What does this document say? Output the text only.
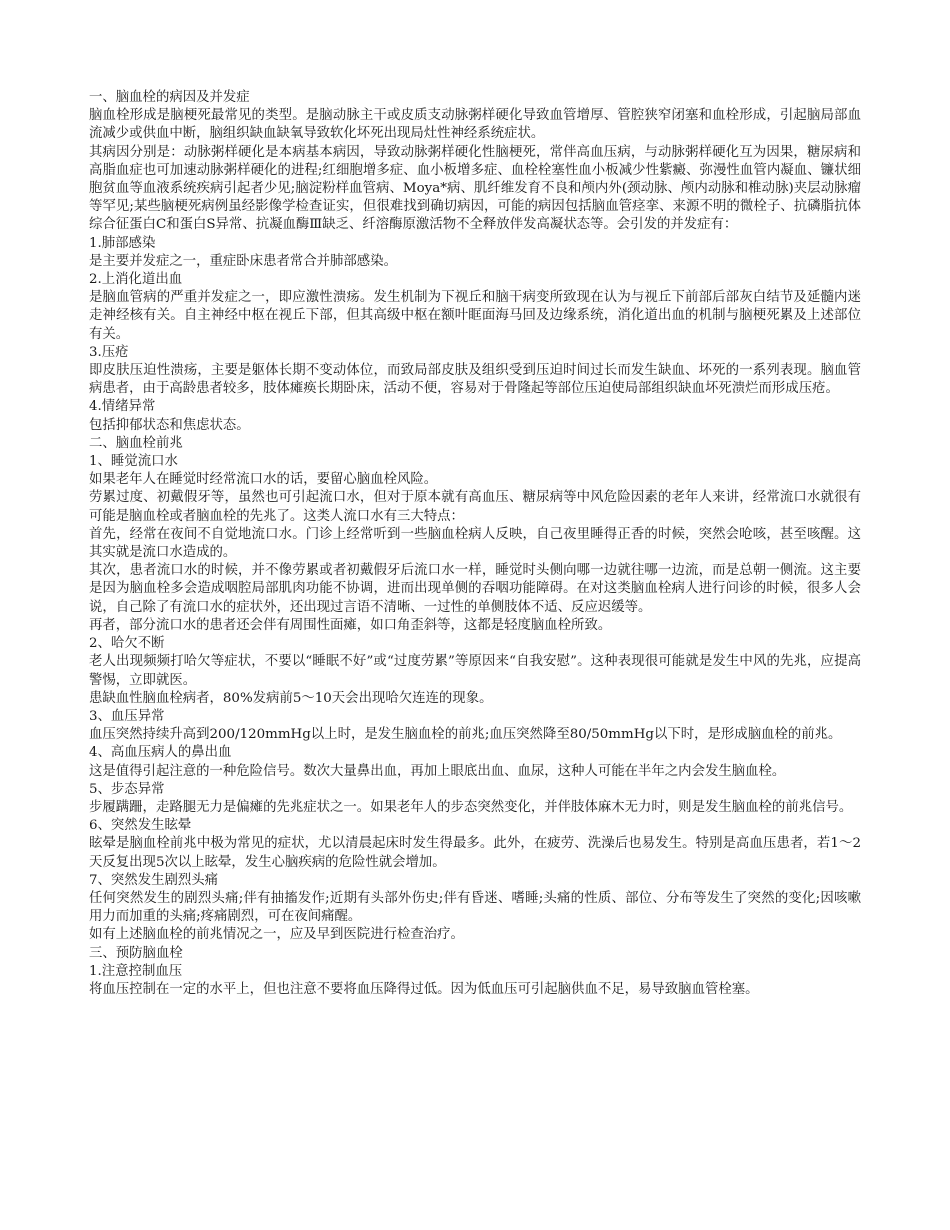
一、脑血栓的病因及并发症

脑血栓形成是脑梗死最常见的类型。是脑动脉主干或皮质支动脉粥样硬化导致血管增厚、管腔狭窄闭塞和血栓形成，引起脑局部血流减少或供血中断，脑组织缺血缺氧导致软化坏死出现局灶性神经系统症状。

其病因分别是：动脉粥样硬化是本病基本病因，导致动脉粥样硬化性脑梗死，常伴高血压病，与动脉粥样硬化互为因果，糖尿病和高脂血症也可加速动脉粥样硬化的进程;红细胞增多症、血小板增多症、血栓栓塞性血小板减少性紫癜、弥漫性血管内凝血、镰状细胞贫血等血液系统疾病引起者少见;脑淀粉样血管病、Moya*病、肌纤维发育不良和颅内外(颈动脉、颅内动脉和椎动脉)夹层动脉瘤等罕见;某些脑梗死病例虽经影像学检查证实，但很难找到确切病因，可能的病因包括脑血管痉挛、来源不明的微栓子、抗磷脂抗体综合征蛋白C和蛋白S异常、抗凝血酶Ⅲ缺乏、纤溶酶原激活物不全释放伴发高凝状态等。会引发的并发症有：

1.肺部感染

是主要并发症之一，重症卧床患者常合并肺部感染。

2.上消化道出血

是脑血管病的严重并发症之一，即应激性溃疡。发生机制为下视丘和脑干病变所致现在认为与视丘下前部后部灰白结节及延髓内迷走神经核有关。自主神经中枢在视丘下部，但其高级中枢在额叶眶面海马回及边缘系统，消化道出血的机制与脑梗死累及上述部位有关。

3.压疮

即皮肤压迫性溃疡，主要是躯体长期不变动体位，而致局部皮肤及组织受到压迫时间过长而发生缺血、坏死的一系列表现。脑血管病患者，由于高龄患者较多，肢体瘫痪长期卧床，活动不便，容易对于骨隆起等部位压迫使局部组织缺血坏死溃烂而形成压疮。

4.情绪异常

包括抑郁状态和焦虑状态。

二、脑血栓前兆

1、睡觉流口水

如果老年人在睡觉时经常流口水的话，要留心脑血栓风险。

劳累过度、初戴假牙等，虽然也可引起流口水，但对于原本就有高血压、糖尿病等中风危险因素的老年人来讲，经常流口水就很有可能是脑血栓或者脑血栓的先兆了。这类人流口水有三大特点：

首先，经常在夜间不自觉地流口水。门诊上经常听到一些脑血栓病人反映，自己夜里睡得正香的时候，突然会呛咳，甚至咳醒。这其实就是流口水造成的。

其次，患者流口水的时候，并不像劳累或者初戴假牙后流口水一样，睡觉时头侧向哪一边就往哪一边流，而是总朝一侧流。这主要是因为脑血栓多会造成咽腔局部肌肉功能不协调，进而出现单侧的吞咽功能障碍。在对这类脑血栓病人进行问诊的时候，很多人会说，自己除了有流口水的症状外，还出现过言语不清晰、一过性的单侧肢体不适、反应迟缓等。

再者，部分流口水的患者还会伴有周围性面瘫，如口角歪斜等，这都是轻度脑血栓所致。

2、哈欠不断

老人出现频频打哈欠等症状，不要以“睡眠不好”或“过度劳累”等原因来“自我安慰”。这种表现很可能就是发生中风的先兆，应提高警惕，立即就医。

患缺血性脑血栓病者，80%发病前5～10天会出现哈欠连连的现象。

3、血压异常

血压突然持续升高到200/120mmHg以上时，是发生脑血栓的前兆;血压突然降至80/50mmHg以下时，是形成脑血栓的前兆。

4、高血压病人的鼻出血

这是值得引起注意的一种危险信号。数次大量鼻出血，再加上眼底出血、血尿，这种人可能在半年之内会发生脑血栓。

5、步态异常

步履蹒跚，走路腿无力是偏瘫的先兆症状之一。如果老年人的步态突然变化，并伴肢体麻木无力时，则是发生脑血栓的前兆信号。

6、突然发生眩晕

眩晕是脑血栓前兆中极为常见的症状，尤以清晨起床时发生得最多。此外，在疲劳、洗澡后也易发生。特别是高血压患者，若1～2天反复出现5次以上眩晕，发生心脑疾病的危险性就会增加。

7、突然发生剧烈头痛

任何突然发生的剧烈头痛;伴有抽搐发作;近期有头部外伤史;伴有昏迷、嗜睡;头痛的性质、部位、分布等发生了突然的变化;因咳嗽用力而加重的头痛;疼痛剧烈，可在夜间痛醒。

如有上述脑血栓的前兆情况之一，应及早到医院进行检查治疗。

三、预防脑血栓

1.注意控制血压

将血压控制在一定的水平上，但也注意不要将血压降得过低。因为低血压可引起脑供血不足，易导致脑血管栓塞。
